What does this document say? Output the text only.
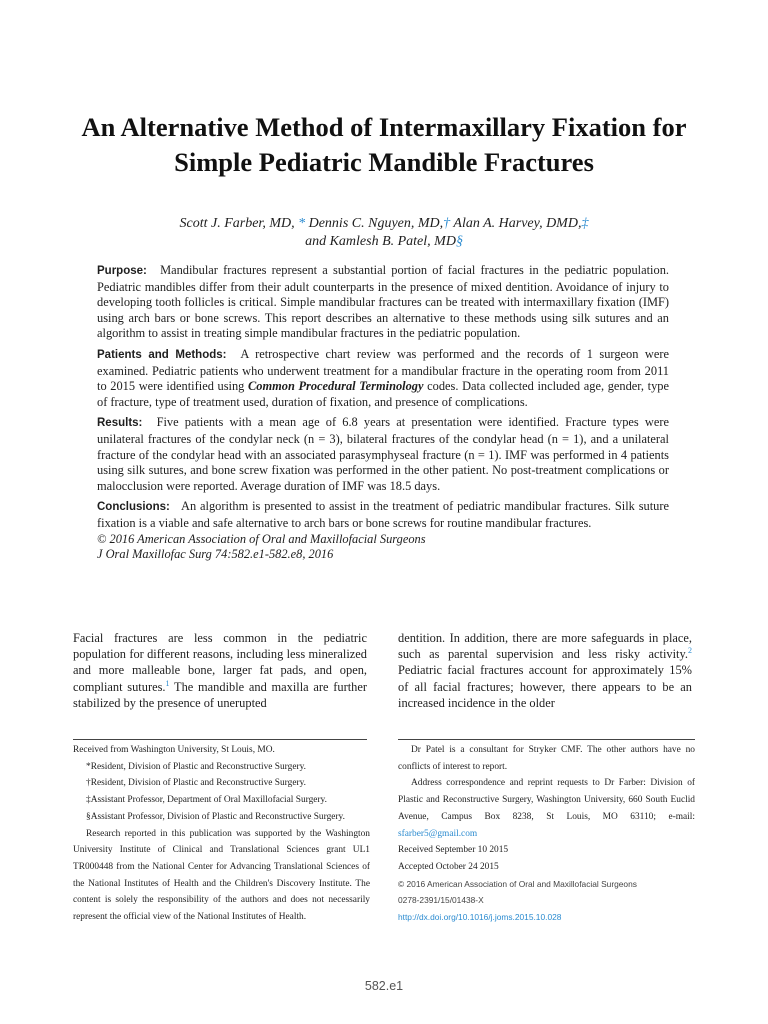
An Alternative Method of Intermaxillary Fixation for Simple Pediatric Mandible Fractures

Scott J. Farber, MD, * Dennis C. Nguyen, MD,† Alan A. Harvey, DMD,‡
and Kamlesh B. Patel, MD§

Purpose: Mandibular fractures represent a substantial portion of facial fractures in the pediatric population. Pediatric mandibles differ from their adult counterparts in the presence of mixed dentition. Avoidance of injury to developing tooth follicles is critical. Simple mandibular fractures can be treated with intermaxillary fixation (IMF) using arch bars or bone screws. This report describes an alternative to these methods using silk sutures and an algorithm to assist in treating simple mandibular fractures in the pediatric population.

Patients and Methods: A retrospective chart review was performed and the records of 1 surgeon were examined. Pediatric patients who underwent treatment for a mandibular fracture in the operating room from 2011 to 2015 were identified using Common Procedural Terminology codes. Data collected included age, gender, type of fracture, type of treatment used, duration of fixation, and presence of complications.

Results: Five patients with a mean age of 6.8 years at presentation were identified. Fracture types were unilateral fractures of the condylar neck (n = 3), bilateral fractures of the condylar head (n = 1), and a unilateral fracture of the condylar head with an associated parasymphyseal fracture (n = 1). IMF was performed in 4 patients using silk sutures, and bone screw fixation was performed in the other patient. No post-treatment complications or malocclusion were reported. Average duration of IMF was 18.5 days.

Conclusions: An algorithm is presented to assist in the treatment of pediatric mandibular fractures. Silk suture fixation is a viable and safe alternative to arch bars or bone screws for routine mandibular fractures.

© 2016 American Association of Oral and Maxillofacial Surgeons

J Oral Maxillofac Surg 74:582.e1-582.e8, 2016

Facial fractures are less common in the pediatric population for different reasons, including less mineralized and more malleable bone, larger fat pads, and open, compliant sutures.$^1$ The mandible and maxilla are further stabilized by the presence of unerupted

dentition. In addition, there are more safeguards in place, such as parental supervision and less risky activity.$^2$ Pediatric facial fractures account for approximately 15% of all facial fractures; however, there appears to be an increased incidence in the older

Received from Washington University, St Louis, MO.

*Resident, Division of Plastic and Reconstructive Surgery.

†Resident, Division of Plastic and Reconstructive Surgery.

‡Assistant Professor, Department of Oral Maxillofacial Surgery.

§Assistant Professor, Division of Plastic and Reconstructive Surgery.

Research reported in this publication was supported by the Washington University Institute of Clinical and Translational Sciences grant UL1 TR000448 from the National Center for Advancing Translational Sciences of the National Institutes of Health and the Children's Discovery Institute. The content is solely the responsibility of the authors and does not necessarily represent the official view of the National Institutes of Health.

Dr Patel is a consultant for Stryker CMF. The other authors have no conflicts of interest to report.

Address correspondence and reprint requests to Dr Farber: Division of Plastic and Reconstructive Surgery, Washington University, 660 South Euclid Avenue, Campus Box 8238, St Louis, MO 63110; e-mail: sfarber5@gmail.com

Received September 10 2015

Accepted October 24 2015

© 2016 American Association of Oral and Maxillofacial Surgeons

0278-2391/15/01438-X

http://dx.doi.org/10.1016/j.joms.2015.10.028

582.e1
